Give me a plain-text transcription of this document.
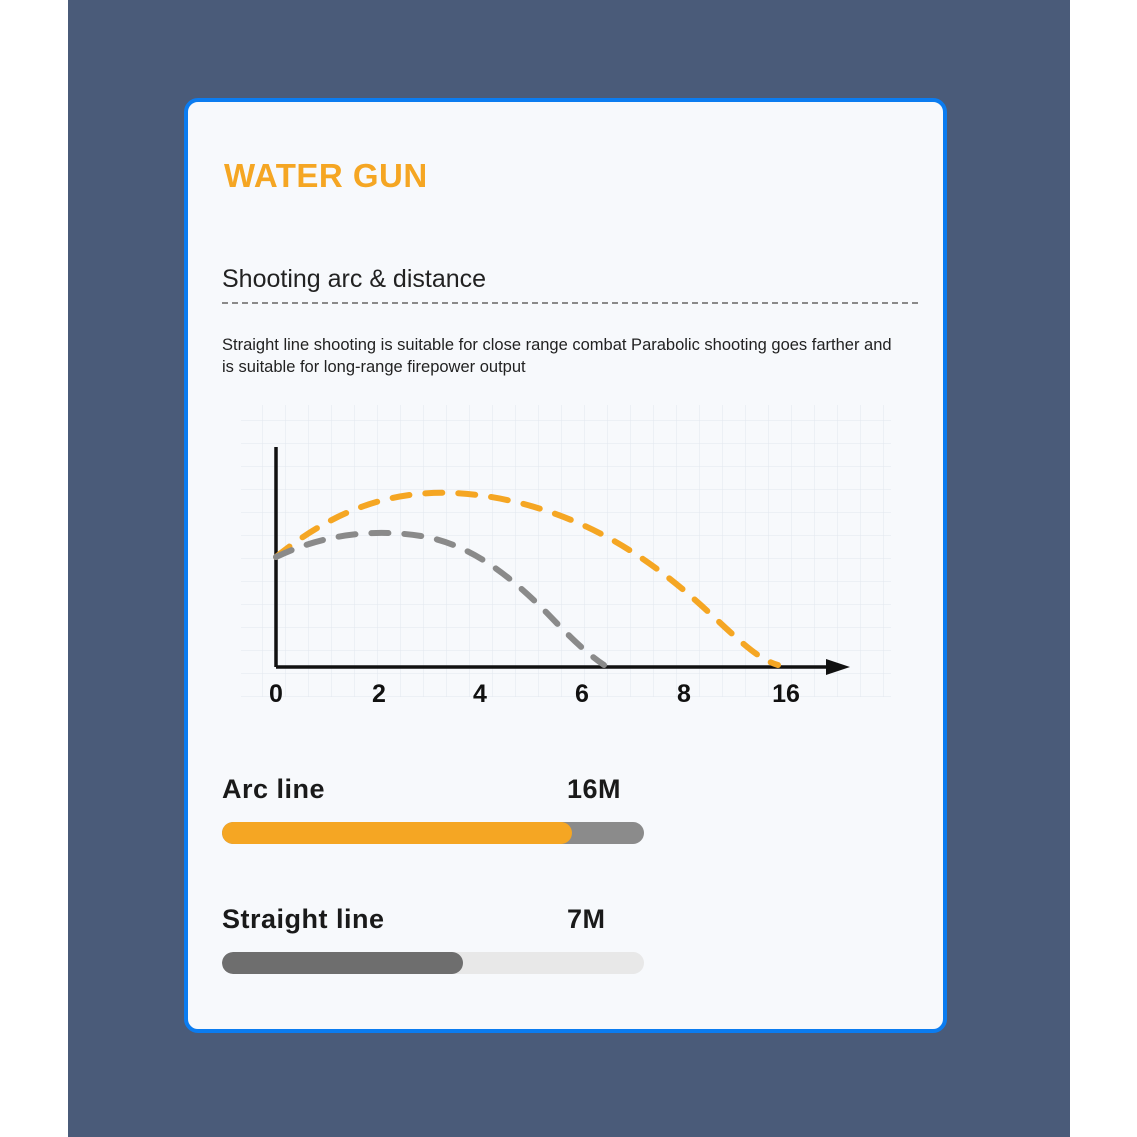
WATER GUN
Shooting arc & distance
Straight line shooting is suitable for close range combat Parabolic shooting goes farther and is suitable for long-range firepower output
0	2	4	6	8	16
Arc line	16M
Straight line	7M
